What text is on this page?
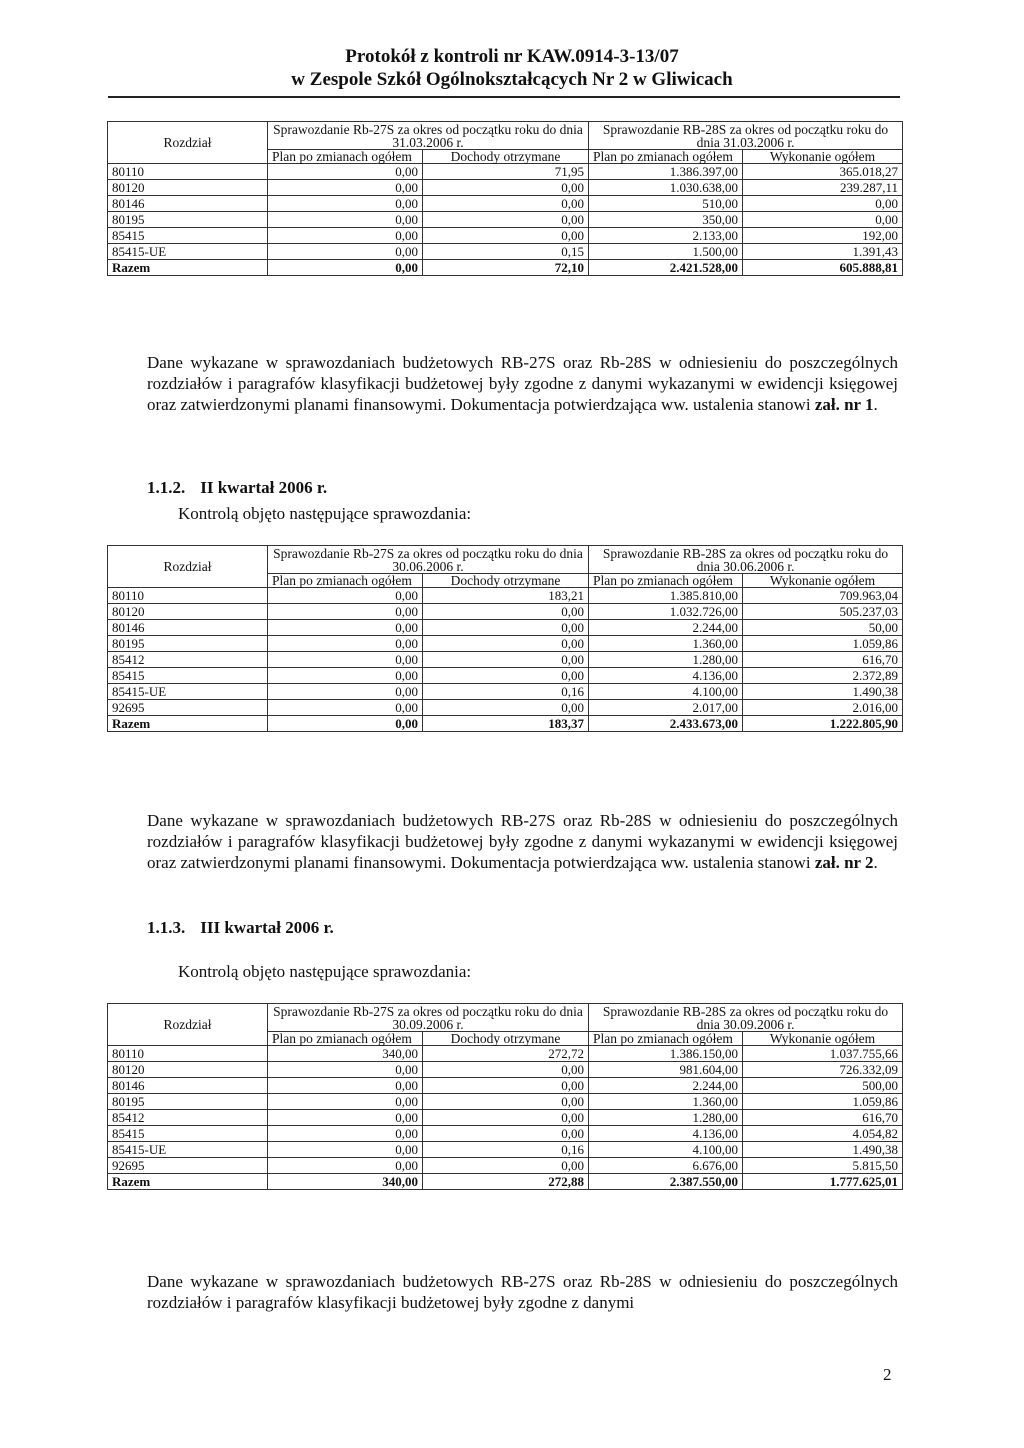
Protokół z kontroli nr KAW.0914-3-13/07
w Zespole Szkół Ogólnokształcących Nr 2 w Gliwicach
Rozdział	Sprawozdanie Rb-27S za okres od początku roku do dnia 31.03.2006 r.		Sprawozdanie RB-28S za okres od początku roku do dnia 31.03.2006 r.	
	Plan po zmianach ogółem	Dochody otrzymane	Plan po zmianach ogółem	Wykonanie ogółem
80110	0,00	71,95	1.386.397,00	365.018,27
80120	0,00	0,00	1.030.638,00	239.287,11
80146	0,00	0,00	510,00	0,00
80195	0,00	0,00	350,00	0,00
85415	0,00	0,00	2.133,00	192,00
85415-UE	0,00	0,15	1.500,00	1.391,43
Razem	0,00	72,10	2.421.528,00	605.888,81
Dane wykazane w sprawozdaniach budżetowych RB-27S oraz Rb-28S w odniesieniu do poszczególnych rozdziałów i paragrafów klasyfikacji budżetowej były zgodne z danymi wykazanymi w ewidencji księgowej oraz zatwierdzonymi planami finansowymi. Dokumentacja potwierdzająca ww. ustalenia stanowi zał. nr 1.
1.1.2. II kwartał 2006 r.
Kontrolą objęto następujące sprawozdania:
Rozdział	Sprawozdanie Rb-27S za okres od początku roku do dnia 30.06.2006 r.		Sprawozdanie RB-28S za okres od początku roku do dnia 30.06.2006 r.	
	Plan po zmianach ogółem	Dochody otrzymane	Plan po zmianach ogółem	Wykonanie ogółem
80110	0,00	183,21	1.385.810,00	709.963,04
80120	0,00	0,00	1.032.726,00	505.237,03
80146	0,00	0,00	2.244,00	50,00
80195	0,00	0,00	1.360,00	1.059,86
85412	0,00	0,00	1.280,00	616,70
85415	0,00	0,00	4.136,00	2.372,89
85415-UE	0,00	0,16	4.100,00	1.490,38
92695	0,00	0,00	2.017,00	2.016,00
Razem	0,00	183,37	2.433.673,00	1.222.805,90
Dane wykazane w sprawozdaniach budżetowych RB-27S oraz Rb-28S w odniesieniu do poszczególnych rozdziałów i paragrafów klasyfikacji budżetowej były zgodne z danymi wykazanymi w ewidencji księgowej oraz zatwierdzonymi planami finansowymi. Dokumentacja potwierdzająca ww. ustalenia stanowi zał. nr 2.
1.1.3. III kwartał 2006 r.
Kontrolą objęto następujące sprawozdania:
Rozdział	Sprawozdanie Rb-27S za okres od początku roku do dnia 30.09.2006 r.		Sprawozdanie RB-28S za okres od początku roku do dnia 30.09.2006 r.	
	Plan po zmianach ogółem	Dochody otrzymane	Plan po zmianach ogółem	Wykonanie ogółem
80110	340,00	272,72	1.386.150,00	1.037.755,66
80120	0,00	0,00	981.604,00	726.332,09
80146	0,00	0,00	2.244,00	500,00
80195	0,00	0,00	1.360,00	1.059,86
85412	0,00	0,00	1.280,00	616,70
85415	0,00	0,00	4.136,00	4.054,82
85415-UE	0,00	0,16	4.100,00	1.490,38
92695	0,00	0,00	6.676,00	5.815,50
Razem	340,00	272,88	2.387.550,00	1.777.625,01
Dane wykazane w sprawozdaniach budżetowych RB-27S oraz Rb-28S w odniesieniu do poszczególnych rozdziałów i paragrafów klasyfikacji budżetowej były zgodne z danymi
2
